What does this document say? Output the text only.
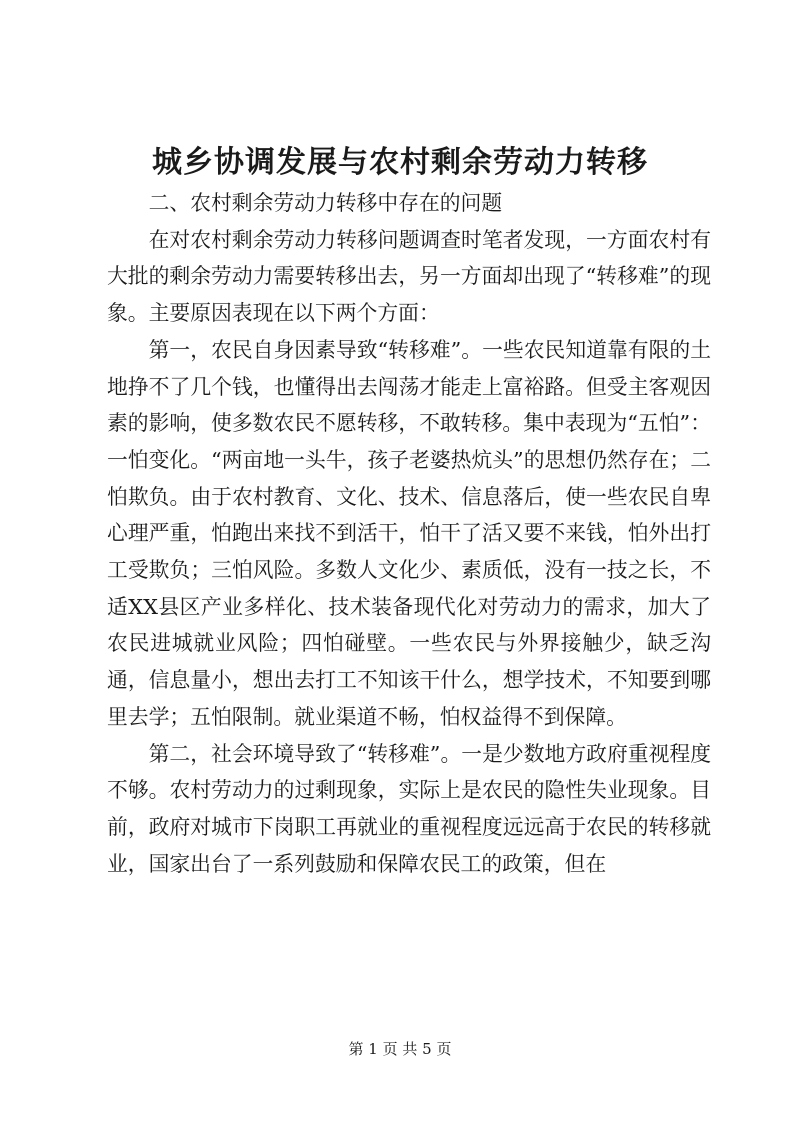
城乡协调发展与农村剩余劳动力转移

二、农村剩余劳动力转移中存在的问题

在对农村剩余劳动力转移问题调查时笔者发现，一方面农村有大批的剩余劳动力需要转移出去，另一方面却出现了“转移难”的现象。主要原因表现在以下两个方面：

第一，农民自身因素导致“转移难”。一些农民知道靠有限的土地挣不了几个钱，也懂得出去闯荡才能走上富裕路。但受主客观因素的影响，使多数农民不愿转移，不敢转移。集中表现为“五怕”：一怕变化。“两亩地一头牛，孩子老婆热炕头”的思想仍然存在；二怕欺负。由于农村教育、文化、技术、信息落后，使一些农民自卑心理严重，怕跑出来找不到活干，怕干了活又要不来钱，怕外出打工受欺负；三怕风险。多数人文化少、素质低，没有一技之长，不适XX县区产业多样化、技术装备现代化对劳动力的需求，加大了农民进城就业风险；四怕碰壁。一些农民与外界接触少，缺乏沟通，信息量小，想出去打工不知该干什么，想学技术，不知要到哪里去学；五怕限制。就业渠道不畅，怕权益得不到保障。

第二，社会环境导致了“转移难”。一是少数地方政府重视程度不够。农村劳动力的过剩现象，实际上是农民的隐性失业现象。目前，政府对城市下岗职工再就业的重视程度远远高于农民的转移就业，国家出台了一系列鼓励和保障农民工的政策，但在

第 1 页 共 5 页
